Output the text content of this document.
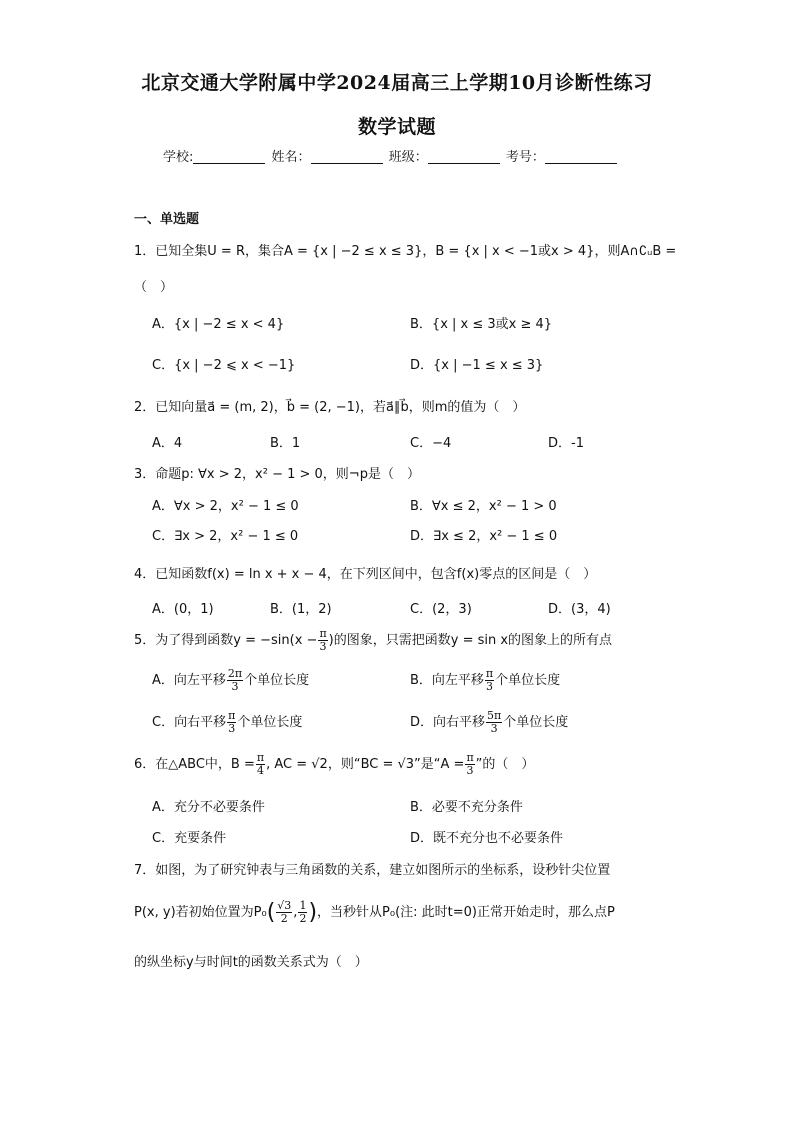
北京交通大学附属中学2024届高三上学期10月诊断性练习
数学试题
学校:	姓名：	班级：	考号：
一、单选题
1．已知全集U = R，集合A = {x | −2 ≤ x ≤ 3}，B = {x | x < −1或x > 4}，则A∩∁ᵤB =
（　）
A．{x | −2 ≤ x < 4}	B．{x | x ≤ 3或x ≥ 4}
C．{x | −2 ⩽ x < −1}	D．{x | −1 ≤ x ≤ 3}
2．已知向量a⃗ = (m, 2)，b⃗ = (2, −1)，若a⃗∥b⃗，则m的值为（　）
A．4	B．1	C．−4	D．-1
3．命题p: ∀x > 2，x² − 1 > 0，则¬p是（　）
A．∀x > 2，x² − 1 ≤ 0	B．∀x ≤ 2，x² − 1 > 0
C．∃x > 2，x² − 1 ≤ 0	D．∃x ≤ 2，x² − 1 ≤ 0
4．已知函数f(x) = ln x + x − 4，在下列区间中，包含f(x)零点的区间是（　）
A．(0，1)	B．(1，2)	C．(2，3)	D．(3，4)
5．为了得到函数$y = -\sin(x - \frac{\pi}{3}$ )的图象，只需把函数y = sin x的图象上的所有点
A．向左平移 $\frac{2\pi}{3}$ 个单位长度	B．向左平移 $\frac{\pi}{3}$ 个单位长度
C．向右平移 $\frac{\pi}{3}$ 个单位长度	D．向右平移 $\frac{5\pi}{3}$ 个单位长度
6．在△ABC中，$B = \frac{\pi}{4}$ , AC = √2，则“BC = √3”是“$A = \frac{\pi}{3}$ ”的（　）
A．充分不必要条件	B．必要不充分条件
C．充要条件	D．既不充分也不必要条件
7．如图，为了研究钟表与三角函数的关系，建立如图所示的坐标系，设秒针尖位置
P(x, y)若初始位置为$P_0( \frac{√3}{2}$ , $\frac{1}{2}$ )，当秒针从P₀(注: 此时t=0)正常开始走时，那么点P
的纵坐标y与时间t的函数关系式为（　）
